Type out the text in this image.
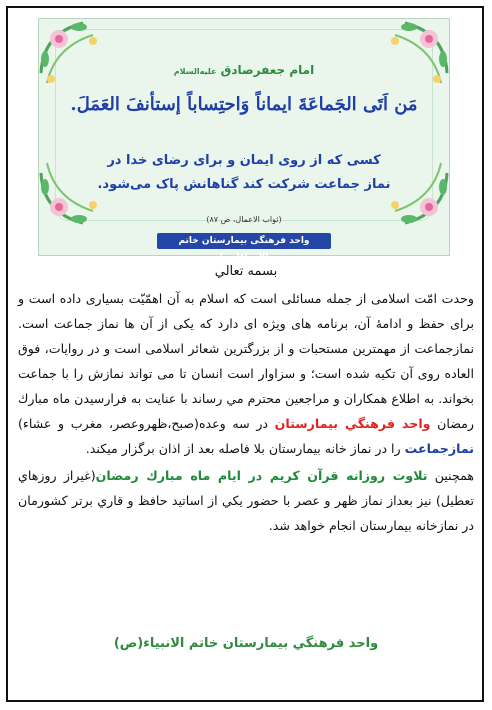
امام جعفرصادق عليه‌السلام
مَن اَتَى الجَماعَةَ ايماناً وَاحتِساباً إستأنفَ العَمَلَ.
کسی که از روی ایمان و برای رضای خدا در
نماز جماعت شرکت کند گناهانش پاک می‌شود.
(ثواب الاعمال، ص ۸۷)
واحد فرهنگی بیمارستان خاتم الانبیاء(ص)
بسمه تعالي

وحدت امّت اسلامی از جمله مسائلی است که اسلام به آن اهمّیّت بسیاری داده است و برای حفظ و ادامهٔ آن، برنامه های ویژه ای دارد که یکی از آن ها نماز جماعت است. نمازجماعت از مهمترین مستحبات و از بزرگترین شعائر اسلامی است و در روایات، فوق العاده روی آن تکیه شده است؛ و سزاوار است انسان تا می تواند نمازش را با جماعت بخواند. به اطلاع همکاران و مراجعین محترم مي رساند با عنايت به فرارسيدن ماه مبارك رمضان واحد فرهنگي بيمارستان در سه وعده(صبح،ظهروعصر، مغرب و عشاء) نمازجماعت را در نماز خانه بيمارستان بلا فاصله بعد از اذان برگزار ميكند.

همچنين تلاوت روزانه قرآن کريم در ايام ماه مبارك رمضان(غيراز روزهاي تعطيل) نيز بعداز نماز ظهر و عصر با حضور يكي از اساتيد حافظ و قاري برتر كشورمان در نمازخانه بيمارستان انجام خواهد شد.

واحد فرهنگي بيمارستان خاتم الانبياء(ص)
